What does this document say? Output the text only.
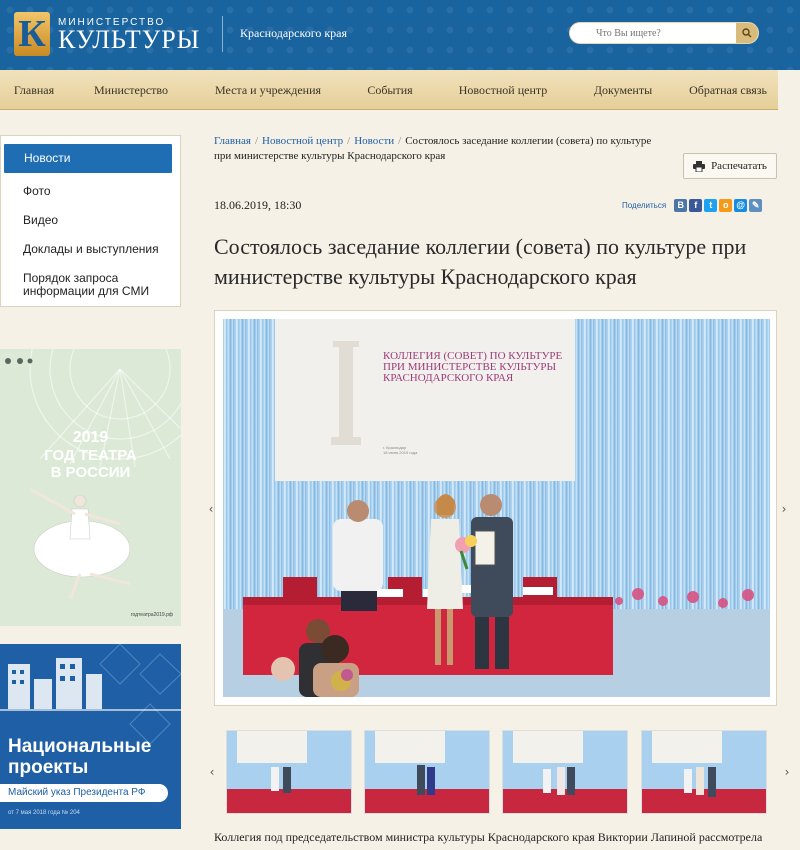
К	МИНИСТЕРСТВО
КУЛЬТУРЫ	Краснодарского края
Что Вы ищете?
Главная	Министерство	Места и учреждения	События	Новостной центр	Документы	Обратная связь
Новости
Фото
Видео
Доклады и выступления
Порядок запроса информации для СМИ
2019
ГОД ТЕАТРА
В РОССИИ
годтеатра2019.рф
Национальные
проекты
Майский указ Президента РФ
от 7 мая 2018 года № 204
Главная / Новостной центр / Новости / Состоялось заседание коллегии (совета) по культуре при министерстве культуры Краснодарского края
Распечатать
18.06.2019, 18:30	Поделиться	В	f	t	о @ ✎
Состоялось заседание коллегии (совета) по культуре при министерстве культуры Краснодарского края
КОЛЛЕГИЯ (СОВЕТ) ПО КУЛЬТУРЕ ПРИ МИНИСТЕРСТВЕ КУЛЬТУРЫ КРАСНОДАРСКОГО КРАЯ
г. Краснодар
18 июня 2019 года
‹	›
‹	›
Коллегия под председательством министра культуры Краснодарского края Виктории Лапиной рассмотрела
